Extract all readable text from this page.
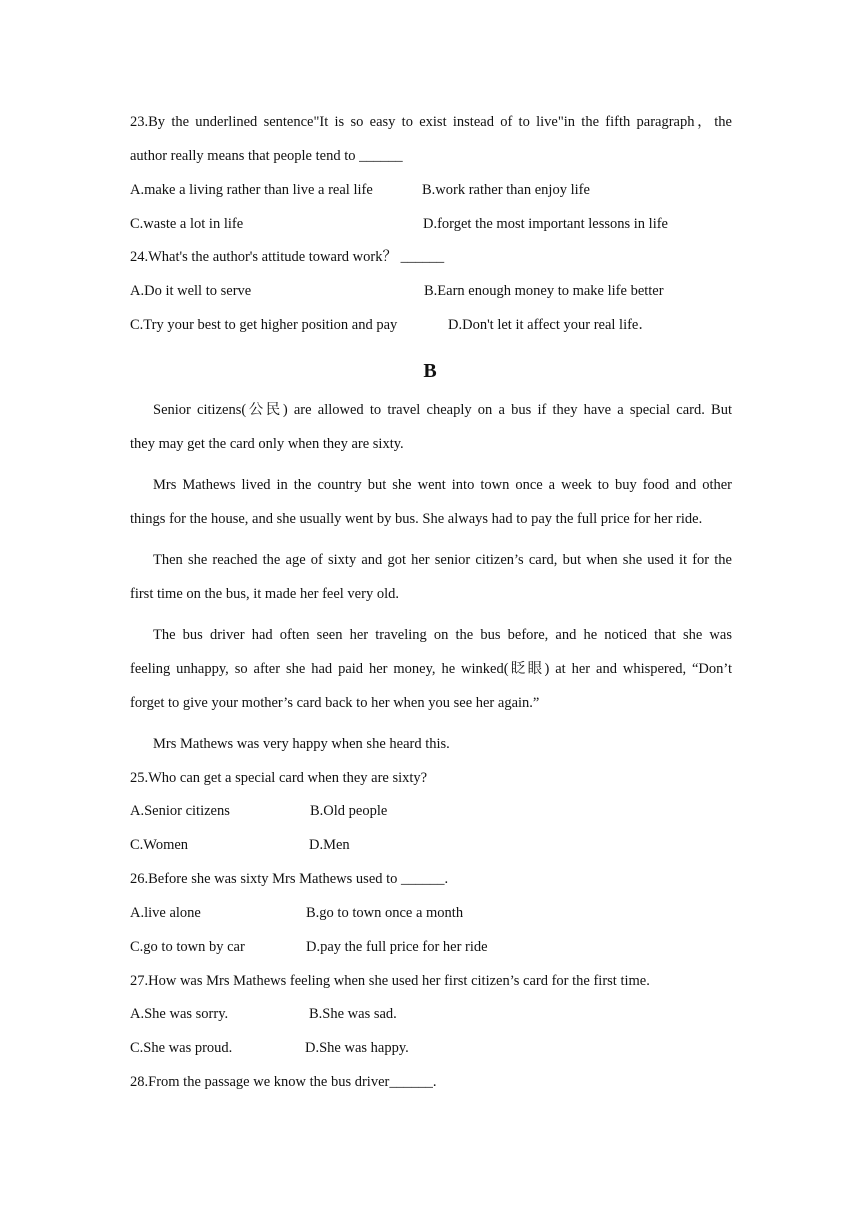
23.By the underlined sentence"It is so easy to exist instead of to live"in the fifth paragraph，the
author really means that people tend to ______
A.make a living rather than live a real life	B.work rather than enjoy life
C.waste a lot in life	D.forget the most important lessons in life
24.What's the author's attitude toward work？ ______
A.Do it well to serve	B.Earn enough money to make life better
C.Try your best to get higher position and pay	D.Don't let it affect your real life．
B
Senior citizens(公民) are allowed to travel cheaply on a bus if they have a special card. But
they may get the card only when they are sixty.
Mrs Mathews lived in the country but she went into town once a week to buy food and other
things for the house, and she usually went by bus. She always had to pay the full price for her ride.
Then she reached the age of sixty and got her senior citizen’s card, but when she used it for the
first time on the bus, it made her feel very old.
The bus driver had often seen her traveling on the bus before, and he noticed that she was
feeling unhappy, so after she had paid her money, he winked(眨眼) at her and whispered, “Don’t
forget to give your mother’s card back to her when you see her again.”
Mrs Mathews was very happy when she heard this.
25.Who can get a special card when they are sixty?
A.Senior citizens	B.Old people
C.Women	D.Men
26.Before she was sixty Mrs Mathews used to ______.
A.live alone	B.go to town once a month
C.go to town by car	D.pay the full price for her ride
27.How was Mrs Mathews feeling when she used her first citizen’s card for the first time.
A.She was sorry.	B.She was sad.
C.She was proud.	D.She was happy.
28.From the passage we know the bus driver______.
